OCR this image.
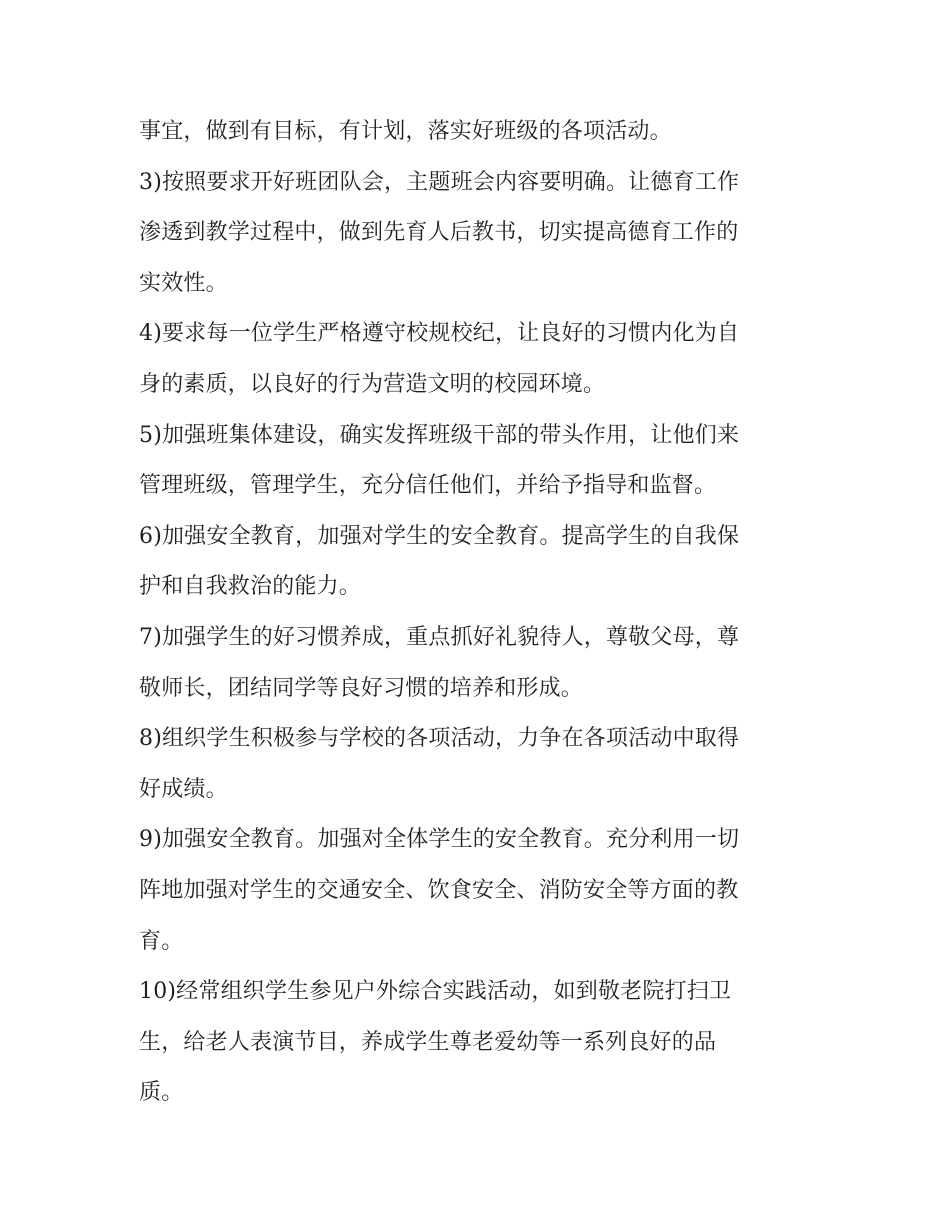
事宜，做到有目标，有计划，落实好班级的各项活动。
3)按照要求开好班团队会，主题班会内容要明确。让德育工作
渗透到教学过程中，做到先育人后教书，切实提高德育工作的
实效性。
4)要求每一位学生严格遵守校规校纪，让良好的习惯内化为自
身的素质，以良好的行为营造文明的校园环境。
5)加强班集体建设，确实发挥班级干部的带头作用，让他们来
管理班级，管理学生，充分信任他们，并给予指导和监督。
6)加强安全教育，加强对学生的安全教育。提高学生的自我保
护和自我救治的能力。
7)加强学生的好习惯养成，重点抓好礼貌待人，尊敬父母，尊
敬师长，团结同学等良好习惯的培养和形成。
8)组织学生积极参与学校的各项活动，力争在各项活动中取得
好成绩。
9)加强安全教育。加强对全体学生的安全教育。充分利用一切
阵地加强对学生的交通安全、饮食安全、消防安全等方面的教
育。
10)经常组织学生参见户外综合实践活动，如到敬老院打扫卫
生，给老人表演节目，养成学生尊老爱幼等一系列良好的品
质。
